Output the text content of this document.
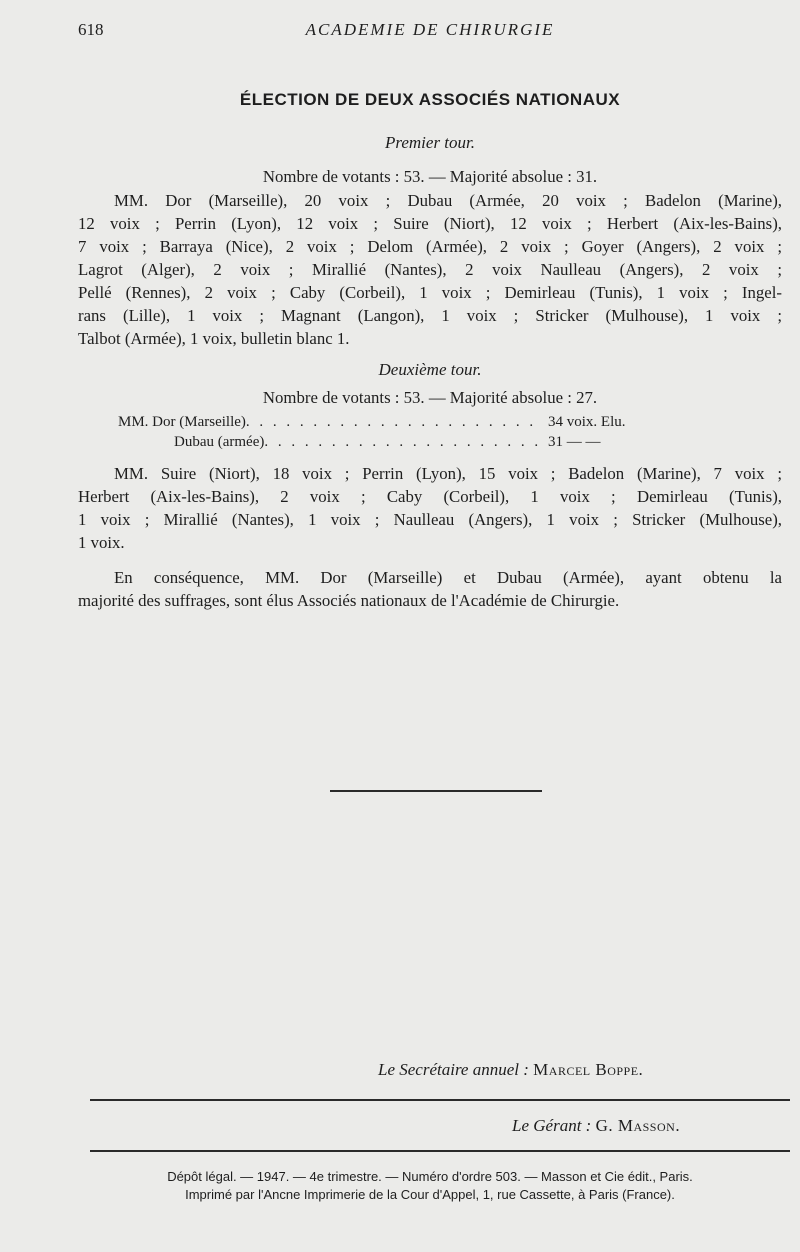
618	ACADEMIE DE CHIRURGIE
ÉLECTION DE DEUX ASSOCIÉS NATIONAUX
Premier tour.
Nombre de votants : 53. — Majorité absolue : 31.
MM. Dor (Marseille), 20 voix ; Dubau (Armée, 20 voix ; Badelon (Marine),
12 voix ; Perrin (Lyon), 12 voix ; Suire (Niort), 12 voix ; Herbert (Aix-les-Bains),
7 voix ; Barraya (Nice), 2 voix ; Delom (Armée), 2 voix ; Goyer (Angers), 2 voix ;
Lagrot (Alger), 2 voix ; Mirallié (Nantes), 2 voix Naulleau (Angers), 2 voix ;
Pellé (Rennes), 2 voix ; Caby (Corbeil), 1 voix ; Demirleau (Tunis), 1 voix ; Ingel-
rans (Lille), 1 voix ; Magnant (Langon), 1 voix ; Stricker (Mulhouse), 1 voix ;
Talbot (Armée), 1 voix, bulletin blanc 1.
Deuxième tour.
Nombre de votants : 53. — Majorité absolue : 27.
MM. Dor (Marseille) . . .	34 voix. Elu.
Dubau (armée) . . .	31 — —
MM. Suire (Niort), 18 voix ; Perrin (Lyon), 15 voix ; Badelon (Marine), 7 voix ;
Herbert (Aix-les-Bains), 2 voix ; Caby (Corbeil), 1 voix ; Demirleau (Tunis),
1 voix ; Mirallié (Nantes), 1 voix ; Naulleau (Angers), 1 voix ; Stricker (Mulhouse),
1 voix.
En conséquence, MM. Dor (Marseille) et Dubau (Armée), ayant obtenu la
majorité des suffrages, sont élus Associés nationaux de l'Académie de Chirurgie.
Le Secrétaire annuel : Marcel Boppe.
Le Gérant : G. Masson.
Dépôt légal. — 1947. — 4e trimestre. — Numéro d'ordre 503. — Masson et Cie édit., Paris.
Imprimé par l'Ancne Imprimerie de la Cour d'Appel, 1, rue Cassette, à Paris (France).
